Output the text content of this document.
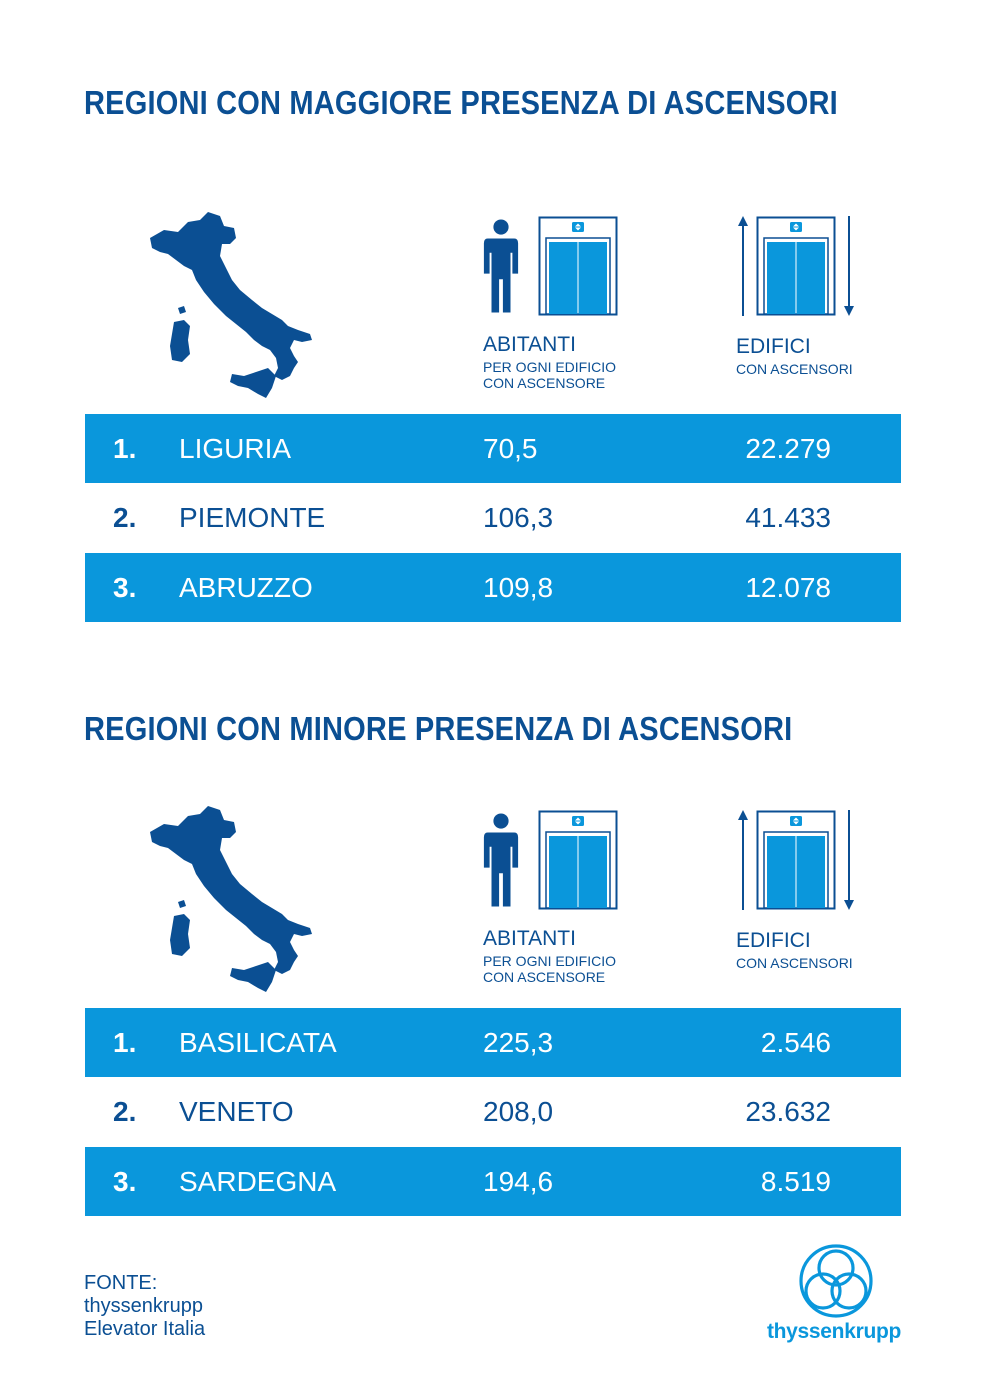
REGIONI CON MAGGIORE PRESENZA DI ASCENSORI
ABITANTI
PER OGNI EDIFICIO
CON ASCENSORE
EDIFICI
CON ASCENSORI
1. LIGURIA	70,5	22.279
2. PIEMONTE	106,3	41.433
3. ABRUZZO	109,8	12.078
REGIONI CON MINORE PRESENZA DI ASCENSORI
ABITANTI
PER OGNI EDIFICIO
CON ASCENSORE
EDIFICI
CON ASCENSORI
1. BASILICATA	225,3	2.546
2. VENETO	208,0	23.632
3. SARDEGNA	194,6	8.519
FONTE:
thyssenkrupp
Elevator Italia	thyssenkrupp
